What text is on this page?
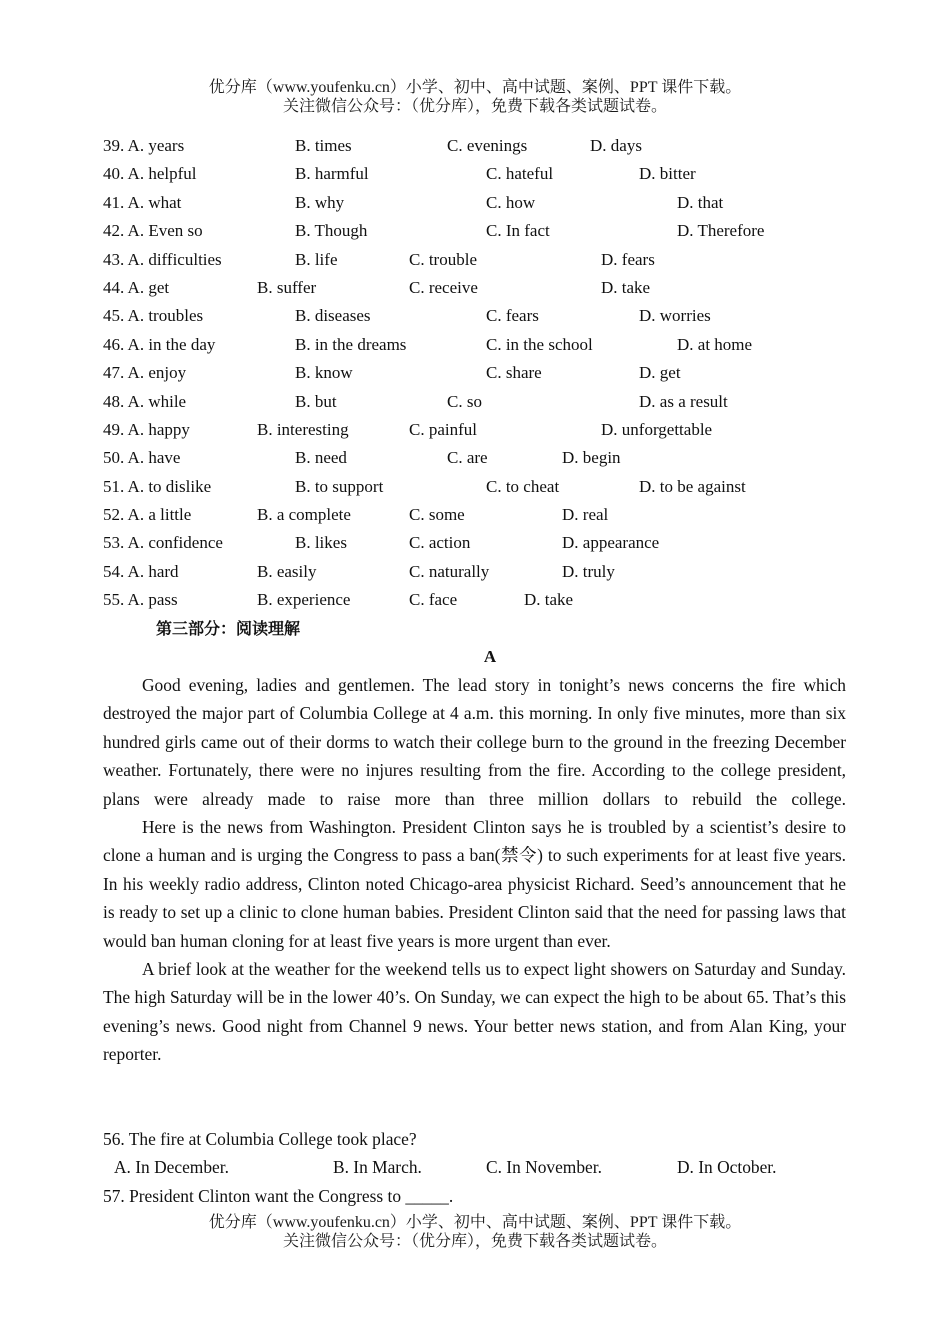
优分库（www.youfenku.cn）小学、初中、高中试题、案例、PPT 课件下载。
关注微信公众号：（优分库），免费下载各类试题试卷。
39. A. years	B. times	C. evenings	D. days
40. A. helpful	B. harmful	C. hateful	D. bitter
41. A. what	B. why	C. how	D. that
42. A. Even so	B. Though	C. In fact	D. Therefore
43. A. difficulties	B. life	C. trouble	D. fears
44. A. get	B. suffer	C. receive	D. take
45. A. troubles	B. diseases	C. fears	D. worries
46. A. in the day	B. in the dreams	C. in the school	D. at home
47. A. enjoy	B. know	C. share	D. get
48. A. while	B. but	C. so	D. as a result
49. A. happy	B. interesting	C. painful	D. unforgettable
50. A. have	B. need	C. are	D. begin
51. A. to dislike	B. to support	C. to cheat	D. to be against
52. A. a little	B. a complete	C. some	D. real
53. A. confidence	B. likes	C. action	D. appearance
54. A. hard	B. easily	C. naturally	D. truly
55. A. pass	B. experience	C. face	D. take
第三部分：阅读理解
A

Good evening, ladies and gentlemen. The lead story in tonight’s news concerns the fire which destroyed the major part of Columbia College at 4 a.m. this morning. In only five minutes, more than six hundred girls came out of their dorms to watch their college burn to the ground in the freezing December weather. Fortunately, there were no injures resulting from the fire. According to the college president, plans were already made to raise more than three million dollars to rebuild the college.

Here is the news from Washington. President Clinton says he is troubled by a scientist’s desire to clone a human and is urging the Congress to pass a ban(禁令) to such experiments for at least five years. In his weekly radio address, Clinton noted Chicago-area physicist Richard. Seed’s announcement that he is ready to set up a clinic to clone human babies. President Clinton said that the need for passing laws that would ban human cloning for at least five years is more urgent than ever.

A brief look at the weather for the weekend tells us to expect light showers on Saturday and Sunday. The high Saturday will be in the lower 40’s. On Sunday, we can expect the high to be about 65. That’s this evening’s news. Good night from Channel 9 news. Your better news station, and from Alan King, your reporter.

56. The fire at Columbia College took place?
A. In December.	B. In March.	C. In November.	D. In October.
57. President Clinton want the Congress to _____.
优分库（www.youfenku.cn）小学、初中、高中试题、案例、PPT 课件下载。
关注微信公众号：（优分库），免费下载各类试题试卷。
